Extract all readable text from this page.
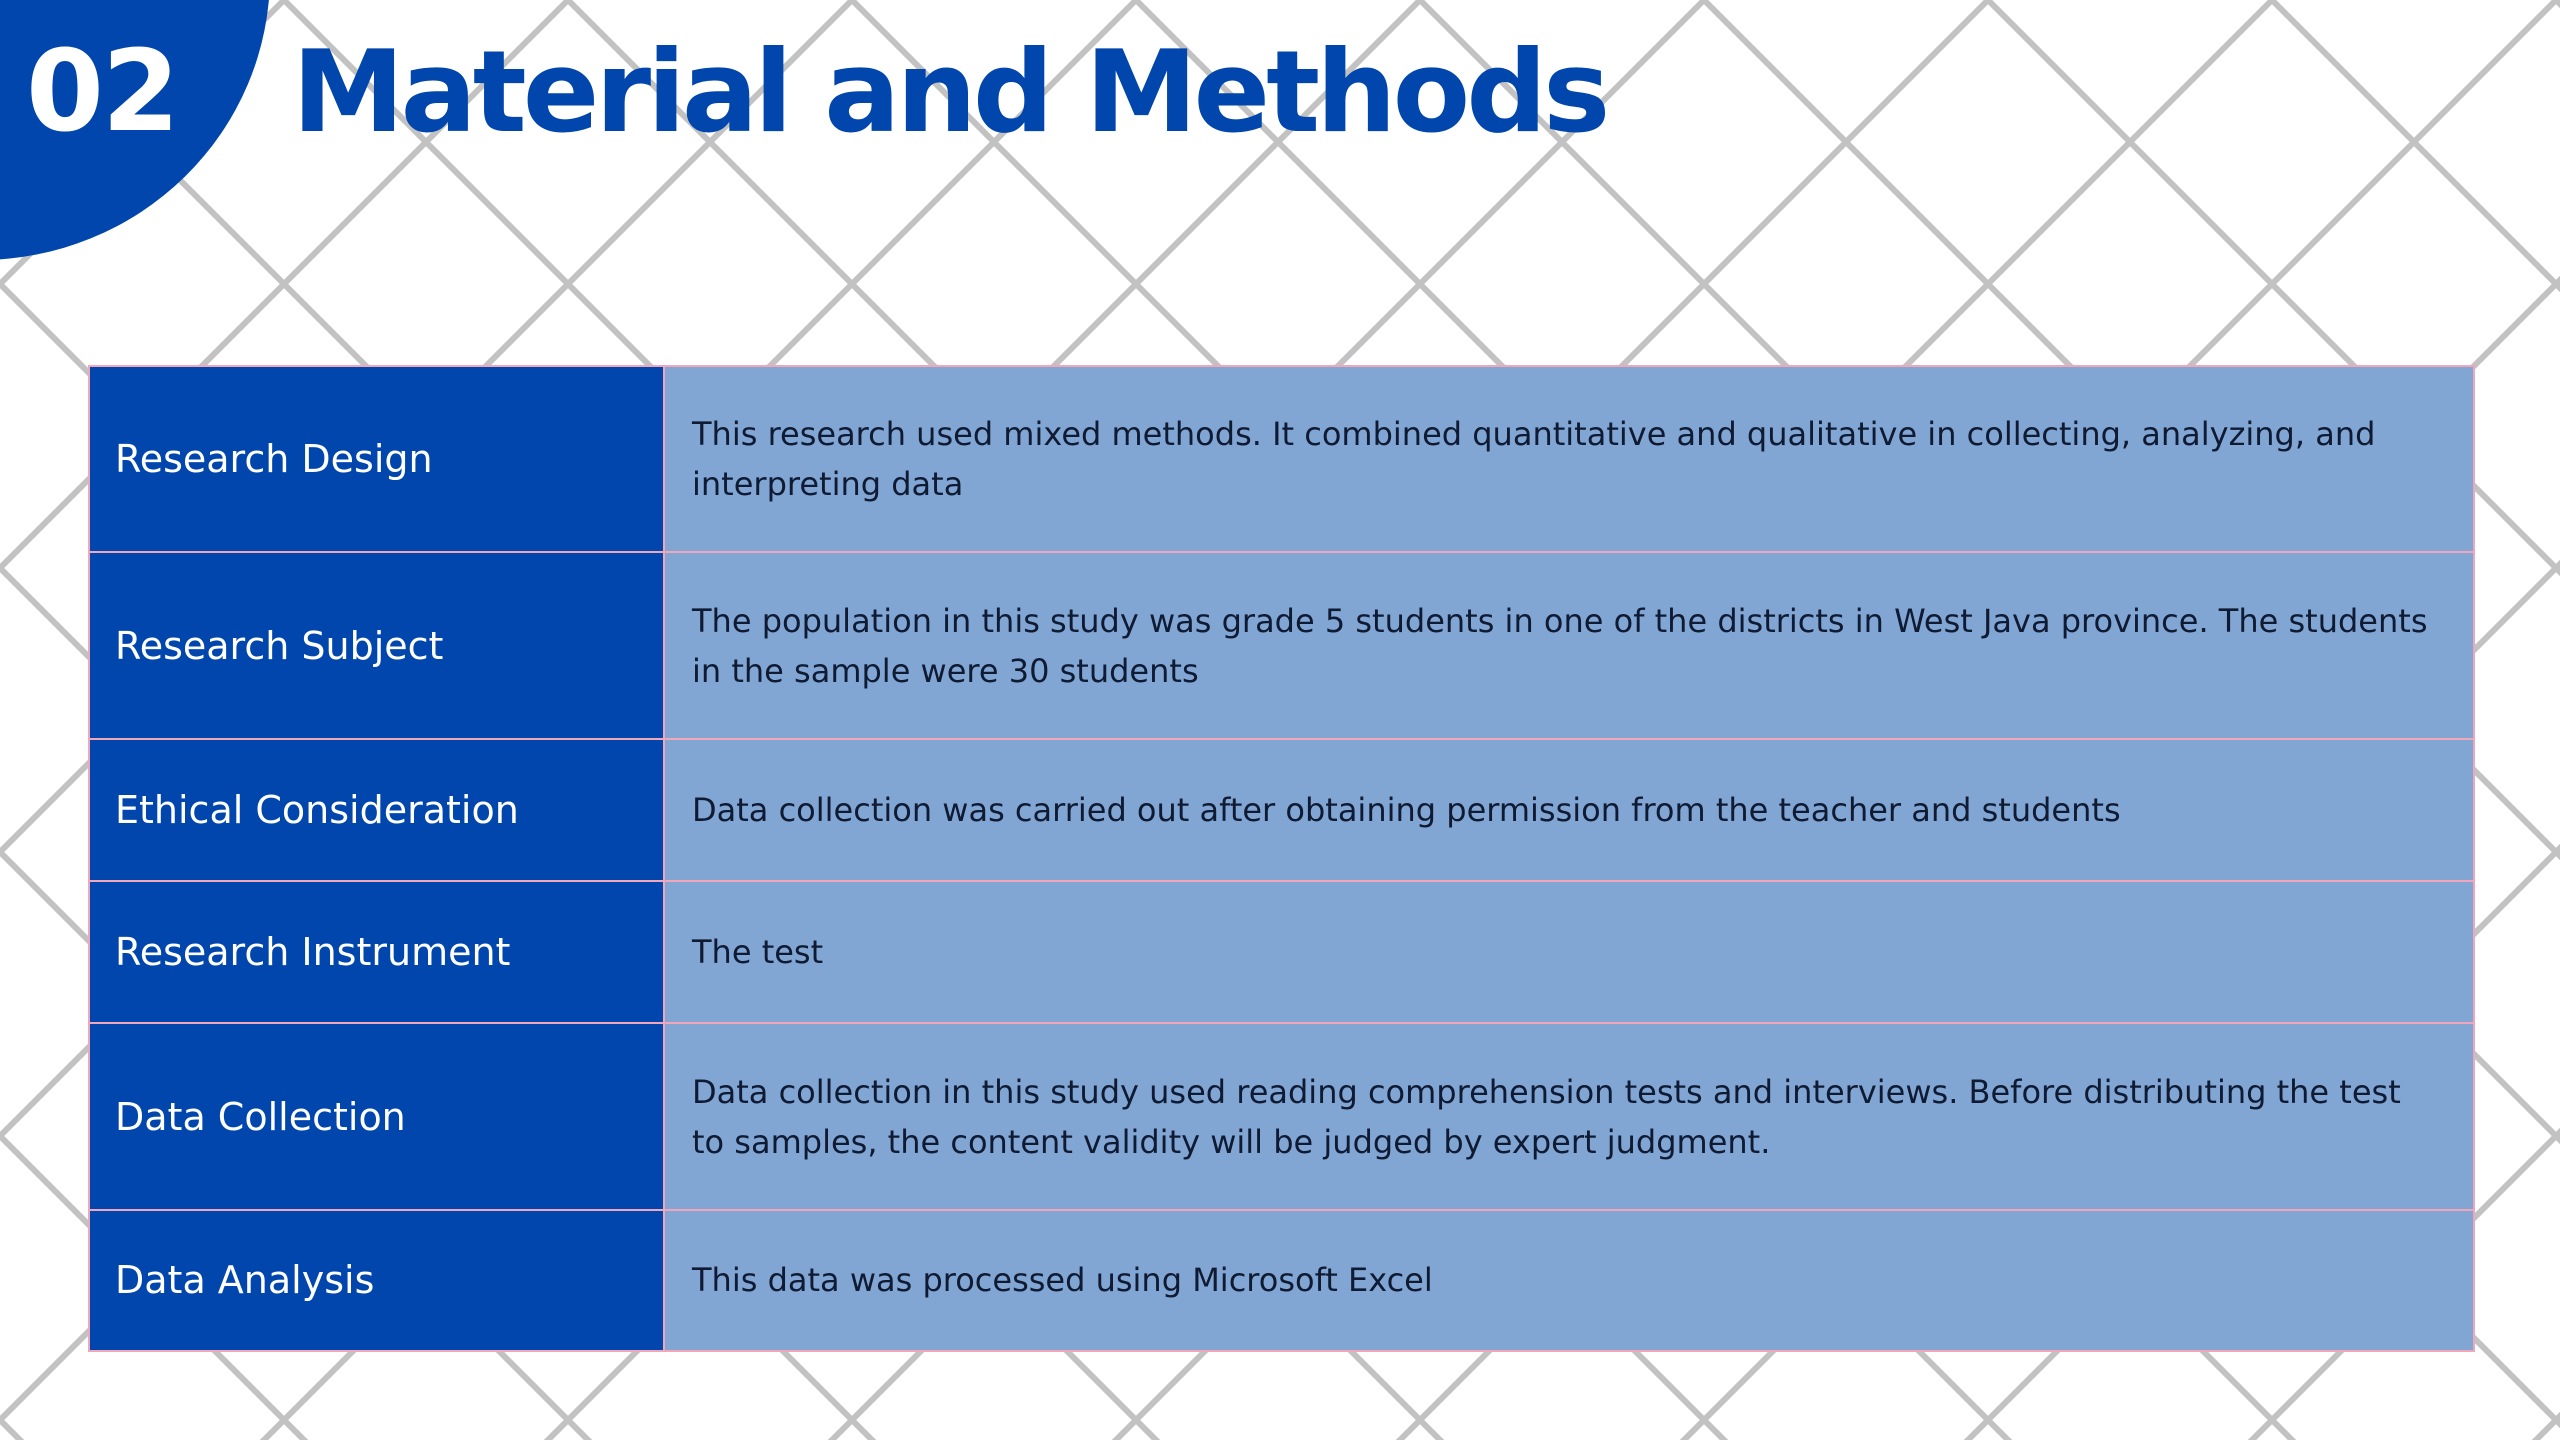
02 Material and Methods
Research Design	This research used mixed methods. It combined quantitative and qualitative in collecting, analyzing, and interpreting data
Research Subject	The population in this study was grade 5 students in one of the districts in West Java province. The students in the sample were 30 students
Ethical Consideration	Data collection was carried out after obtaining permission from the teacher and students
Research Instrument	The test
Data Collection	Data collection in this study used reading comprehension tests and interviews. Before distributing the test to samples, the content validity will be judged by expert judgment.
Data Analysis	This data was processed using Microsoft Excel
